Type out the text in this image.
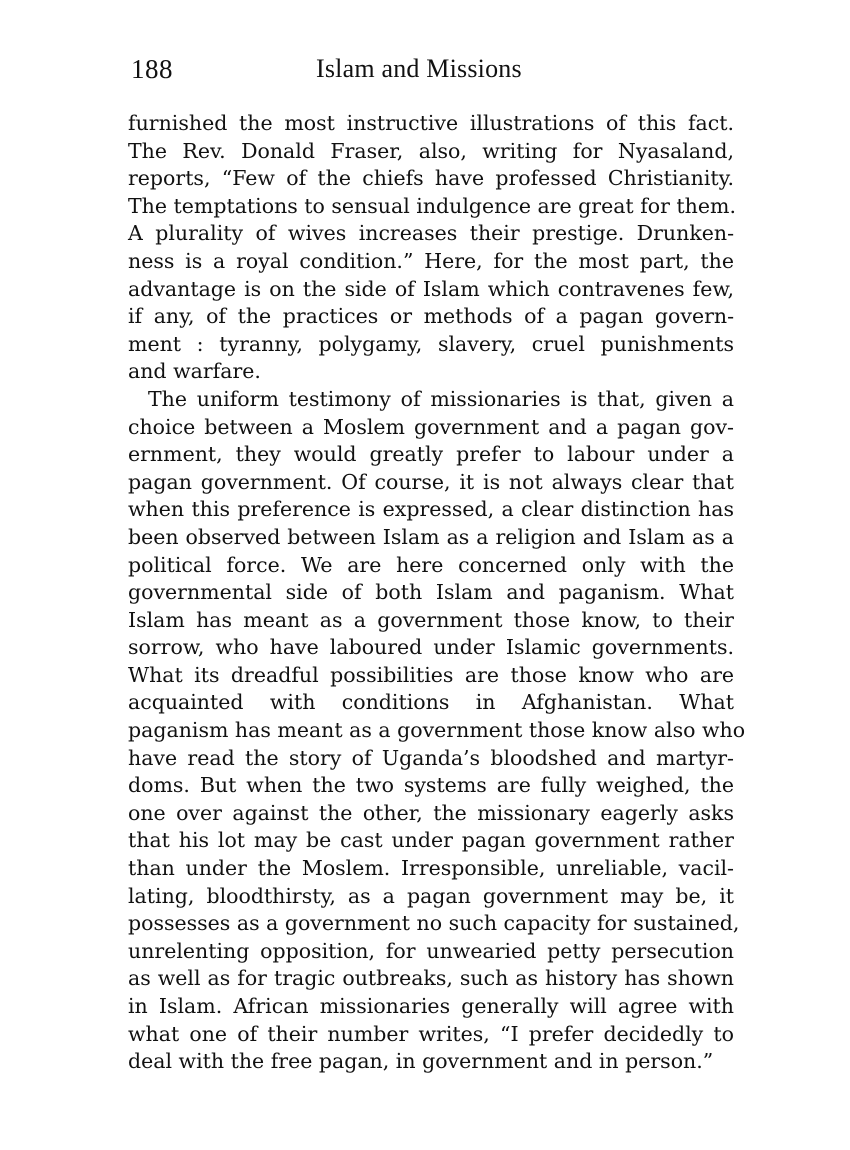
188	Islam and Missions
furnished the most instructive illustrations of this fact.
The Rev. Donald Fraser, also, writing for Nyasaland,
reports, “Few of the chiefs have professed Christianity.
The temptations to sensual indulgence are great for them.
A plurality of wives increases their prestige. Drunken-
ness is a royal condition.” Here, for the most part, the
advantage is on the side of Islam which contravenes few,
if any, of the practices or methods of a pagan govern-
ment : tyranny, polygamy, slavery, cruel punishments
and warfare.
The uniform testimony of missionaries is that, given a
choice between a Moslem government and a pagan gov-
ernment, they would greatly prefer to labour under a
pagan government. Of course, it is not always clear that
when this preference is expressed, a clear distinction has
been observed between Islam as a religion and Islam as a
political force. We are here concerned only with the
governmental side of both Islam and paganism. What
Islam has meant as a government those know, to their
sorrow, who have laboured under Islamic governments.
What its dreadful possibilities are those know who are
acquainted with conditions in Afghanistan. What
paganism has meant as a government those know also who
have read the story of Uganda’s bloodshed and martyr-
doms. But when the two systems are fully weighed, the
one over against the other, the missionary eagerly asks
that his lot may be cast under pagan government rather
than under the Moslem. Irresponsible, unreliable, vacil-
lating, bloodthirsty, as a pagan government may be, it
possesses as a government no such capacity for sustained,
unrelenting opposition, for unwearied petty persecution
as well as for tragic outbreaks, such as history has shown
in Islam. African missionaries generally will agree with
what one of their number writes, “I prefer decidedly to
deal with the free pagan, in government and in person.”
